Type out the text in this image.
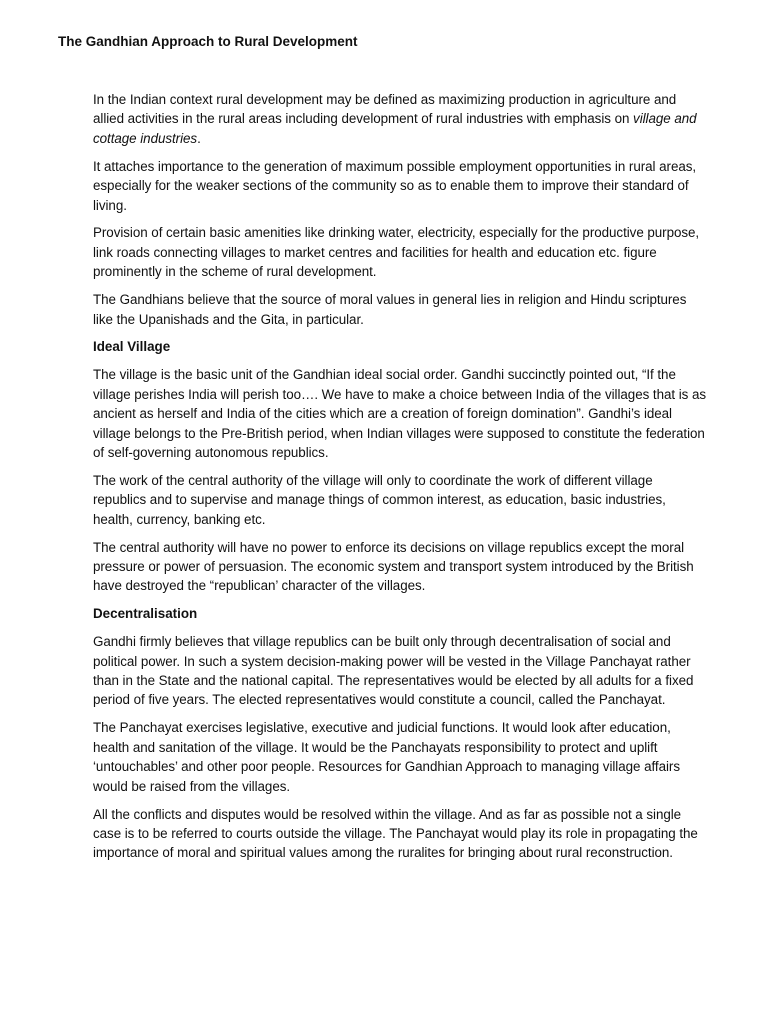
The Gandhian Approach to Rural Development

In the Indian context rural development may be defined as maximizing production in agriculture and allied activities in the rural areas including development of rural industries with emphasis on village and cottage industries.

It attaches importance to the generation of maximum possible employment opportunities in rural areas, especially for the weaker sections of the community so as to enable them to improve their standard of living.

Provision of certain basic amenities like drinking water, electricity, especially for the productive purpose, link roads connecting villages to market centres and facilities for health and education etc. figure prominently in the scheme of rural development.

The Gandhians believe that the source of moral values in general lies in religion and Hindu scriptures like the Upanishads and the Gita, in particular.

Ideal Village

The village is the basic unit of the Gandhian ideal social order. Gandhi succinctly pointed out, “If the village perishes India will perish too…. We have to make a choice between India of the villages that is as ancient as herself and India of the cities which are a creation of foreign domination”. Gandhi’s ideal village belongs to the Pre-British period, when Indian villages were supposed to constitute the federation of self-governing autonomous republics.

The work of the central authority of the village will only to coordinate the work of different village republics and to supervise and manage things of common interest, as education, basic industries, health, currency, banking etc.

The central authority will have no power to enforce its decisions on village republics except the moral pressure or power of persuasion. The economic system and transport system introduced by the British have destroyed the “republican’ character of the villages.

Decentralisation

Gandhi firmly believes that village republics can be built only through decentralisation of social and political power. In such a system decision-making power will be vested in the Village Panchayat rather than in the State and the national capital. The representatives would be elected by all adults for a fixed period of five years. The elected representatives would constitute a council, called the Panchayat.

The Panchayat exercises legislative, executive and judicial functions. It would look after education, health and sanitation of the village. It would be the Panchayats responsibility to protect and uplift ‘untouchables’ and other poor people. Resources for Gandhian Approach to managing village affairs would be raised from the villages.

All the conflicts and disputes would be resolved within the village. And as far as possible not a single case is to be referred to courts outside the village. The Panchayat would play its role in propagating the importance of moral and spiritual values among the ruralites for bringing about rural reconstruction.
